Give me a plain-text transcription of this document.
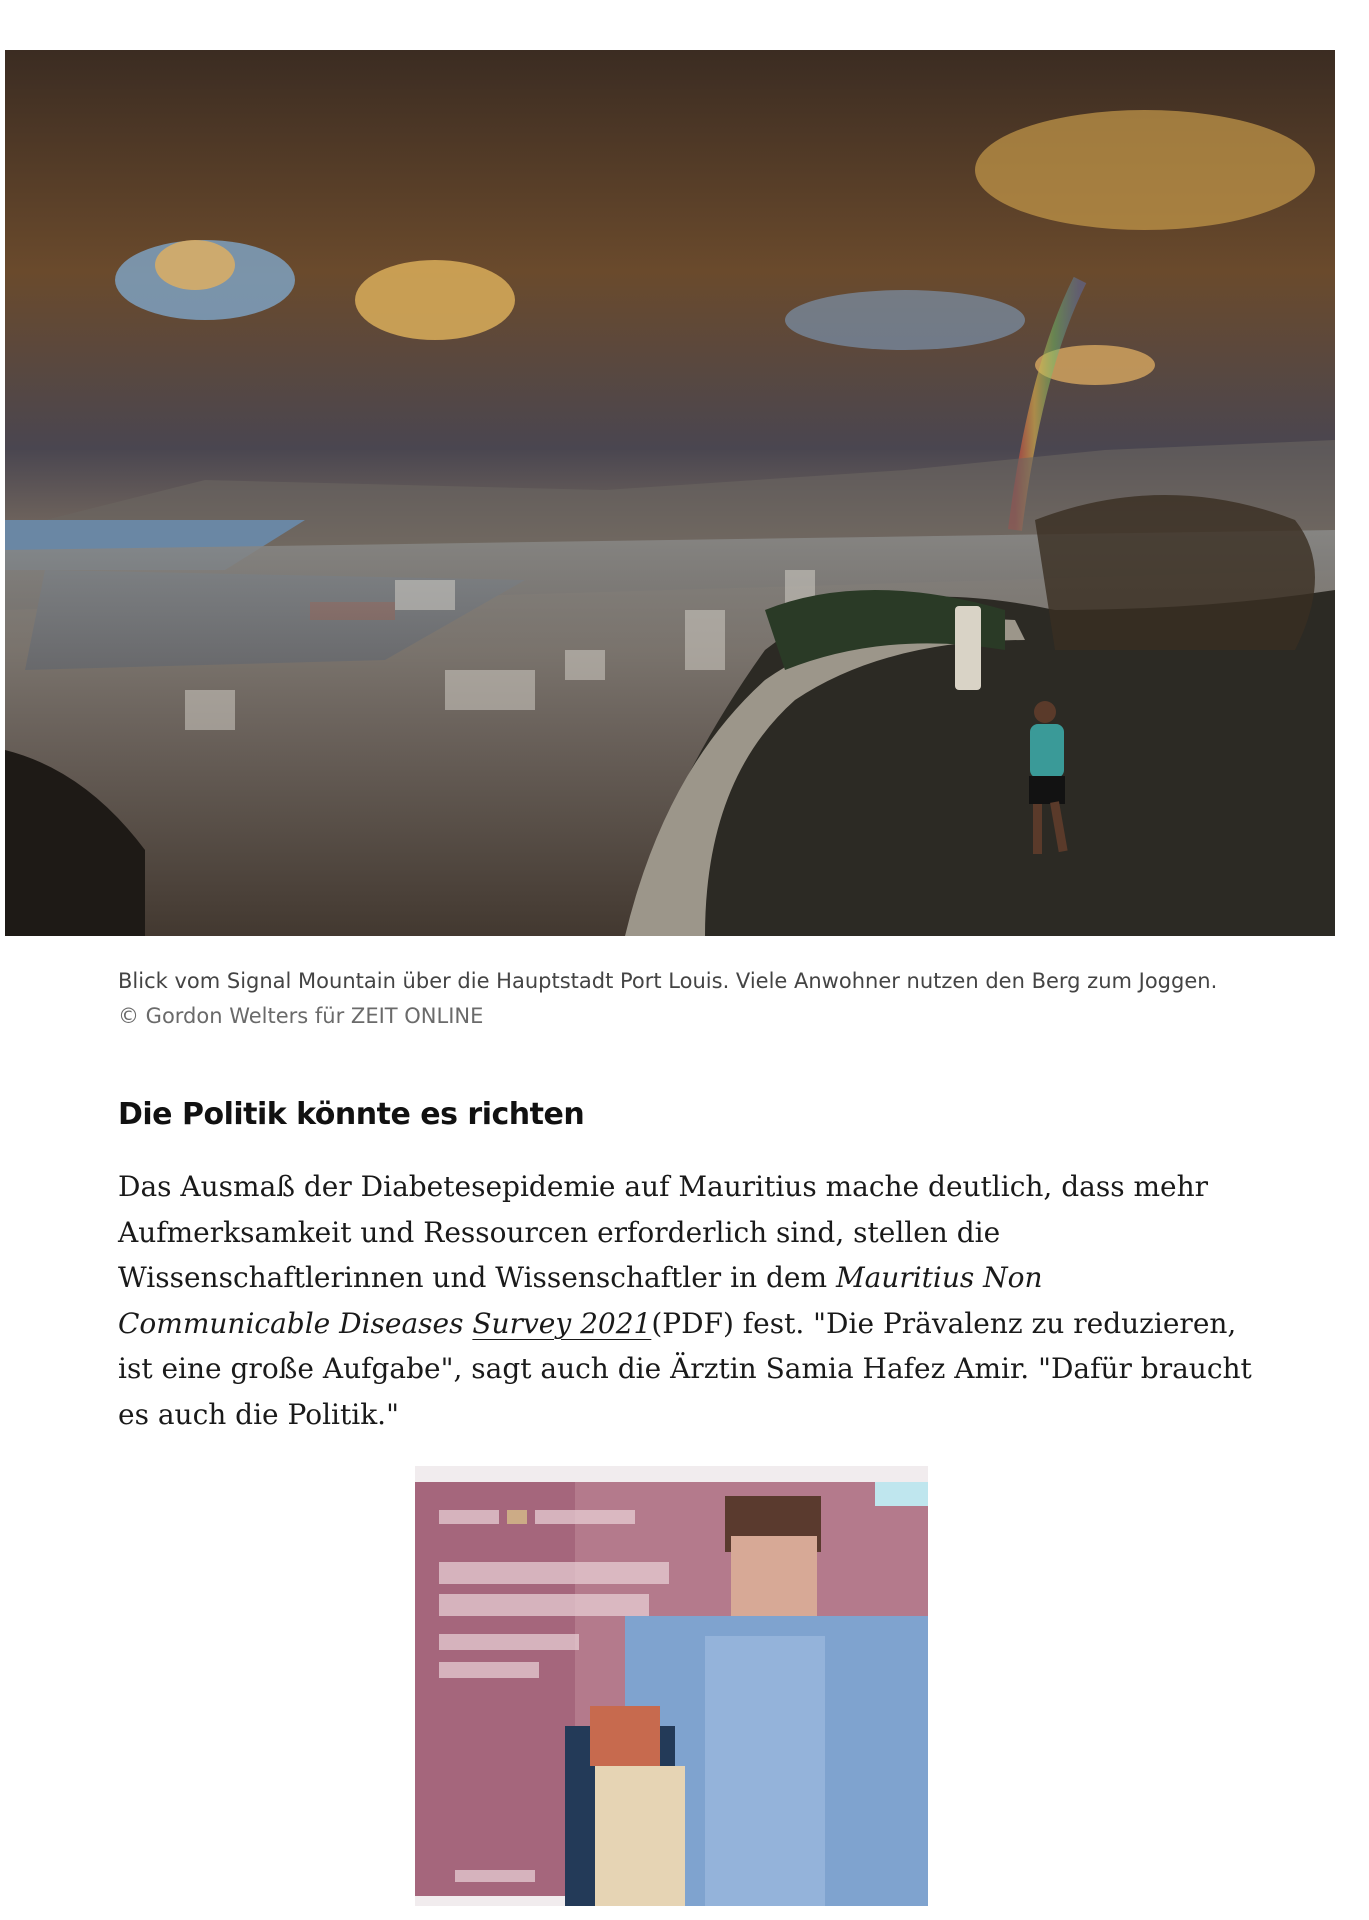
Blick vom Signal Mountain über die Hauptstadt Port Louis. Viele Anwohner nutzen den Berg zum Joggen.
© Gordon Welters für ZEIT ONLINE
Die Politik könnte es richten

Das Ausmaß der Diabetesepidemie auf Mauritius mache deutlich, dass mehr Aufmerksamkeit und Ressourcen erforderlich sind, stellen die Wissenschaftlerinnen und Wissenschaftler in dem Mauritius Non Communicable Diseases Survey 2021(PDF) fest. "Die Prävalenz zu reduzieren, ist eine große Aufgabe", sagt auch die Ärztin Samia Hafez Amir. "Dafür braucht es auch die Politik."
